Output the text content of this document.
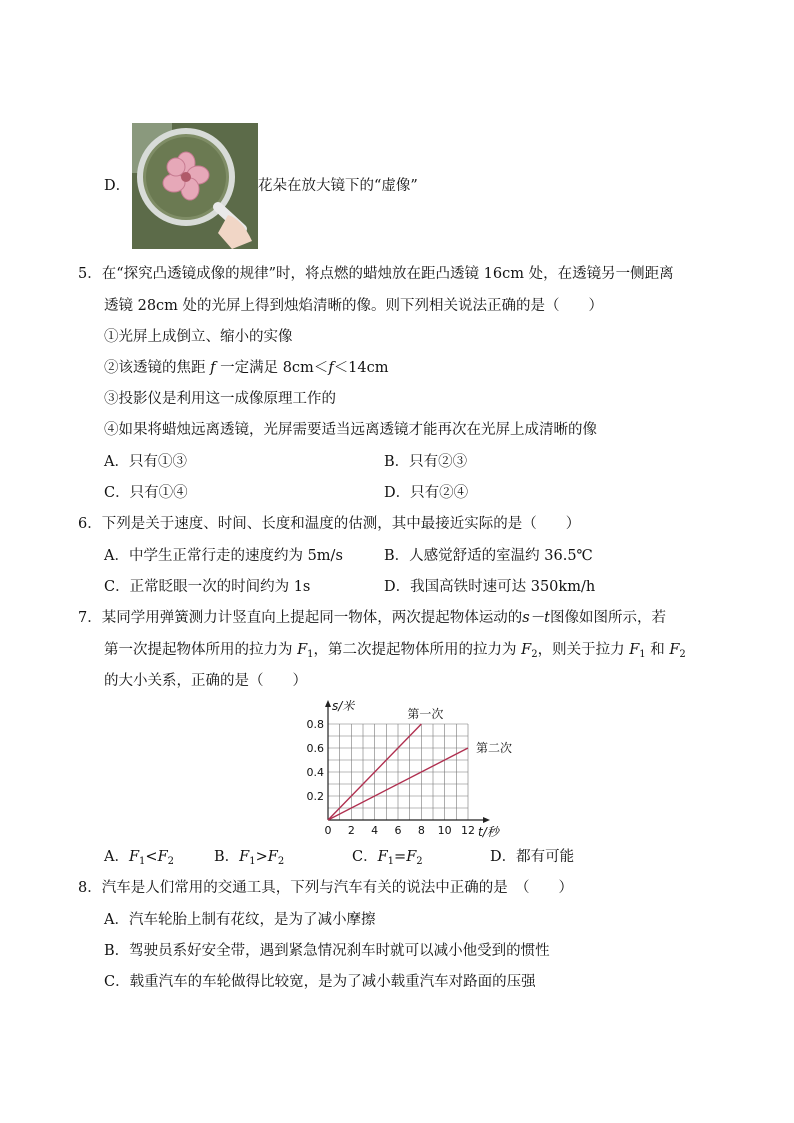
D．	花朵在放大镜下的“虚像”
5．在“探究凸透镜成像的规律”时，将点燃的蜡烛放在距凸透镜 16cm 处，在透镜另一侧距离
透镜 28cm 处的光屏上得到烛焰清晰的像。则下列相关说法正确的是（　　）
①光屏上成倒立、缩小的实像
②该透镜的焦距 f 一定满足 8cm＜f＜14cm
③投影仪是利用这一成像原理工作的
④如果将蜡烛远离透镜，光屏需要适当远离透镜才能再次在光屏上成清晰的像
A．只有①③	B．只有②③
C．只有①④	D．只有②④
6．下列是关于速度、时间、长度和温度的估测，其中最接近实际的是（　　）
A．中学生正常行走的速度约为 5m/s	B．人感觉舒适的室温约 36.5℃
C．正常眨眼一次的时间约为 1s	D．我国高铁时速可达 350km/h
7．某同学用弹簧测力计竖直向上提起同一物体，两次提起物体运动的s－t图像如图所示，若
第一次提起物体所用的拉力为 $F_1$，第二次提起物体所用的拉力为 $F_2$，则关于拉力 $F_1$ 和 $F_2$
的大小关系，正确的是（　　）
0 2 4 6 8 10 12
0.2
0.4
0.6
0.8
s/米
t/秒
第一次
第二次
A．$F_1<F_2$	B．$F_1>F_2$	C．$F_1=F_2$	D．都有可能
8．汽车是人们常用的交通工具，下列与汽车有关的说法中正确的是　（　　）
A．汽车轮胎上制有花纹，是为了减小摩擦
B．驾驶员系好安全带，遇到紧急情况刹车时就可以减小他受到的惯性
C．载重汽车的车轮做得比较宽，是为了减小载重汽车对路面的压强
